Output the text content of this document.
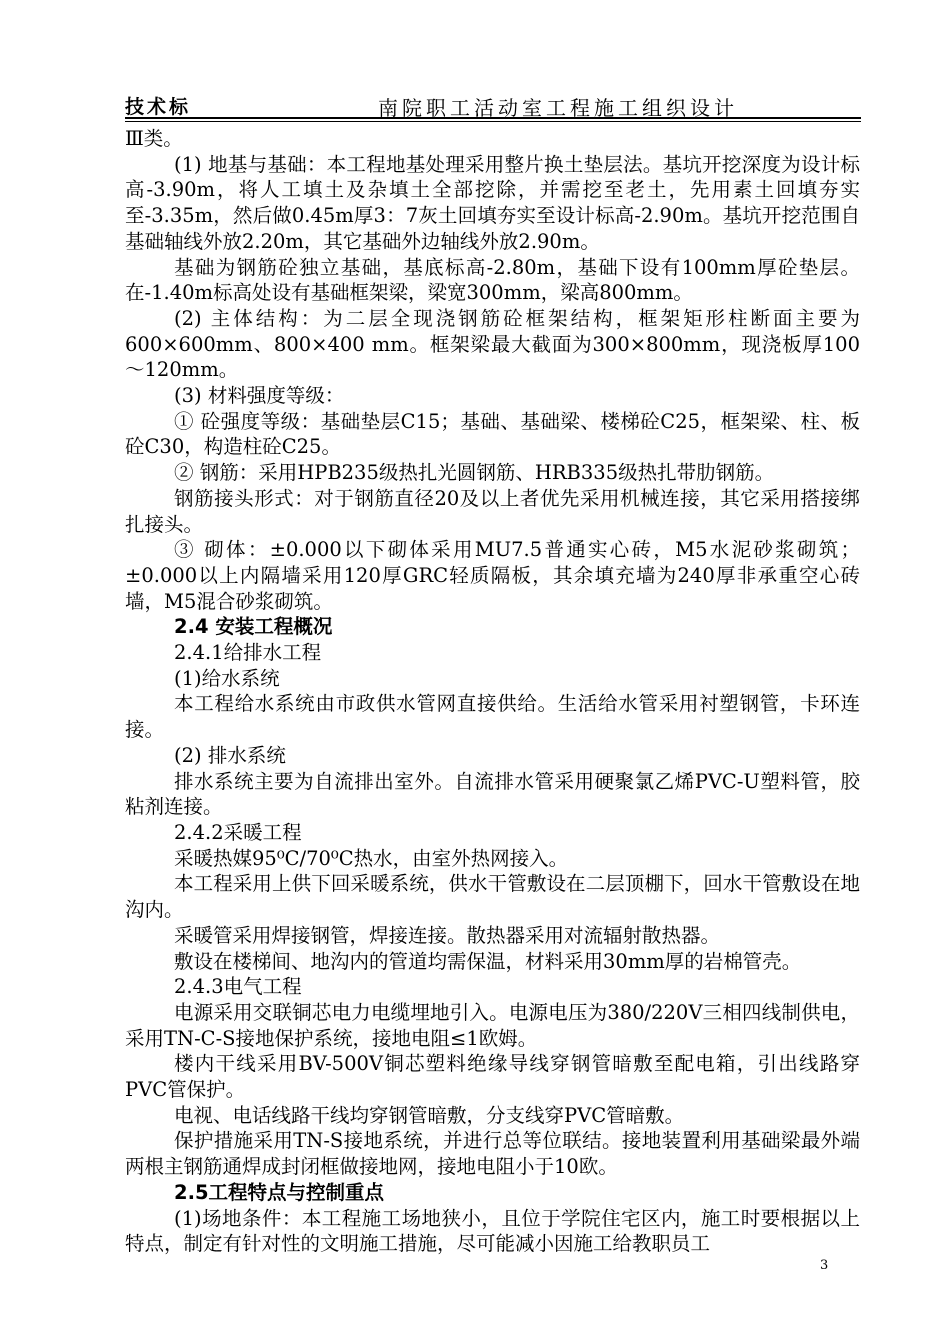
技术标	南院职工活动室工程施工组织设计

Ⅲ类。

(1) 地基与基础：本工程地基处理采用整片换土垫层法。基坑开挖深度为设计标高-3.90m，将人工填土及杂填土全部挖除，并需挖至老土，先用素土回填夯实至-3.35m，然后做0.45m厚3：7灰土回填夯实至设计标高-2.90m。基坑开挖范围自基础轴线外放2.20m，其它基础外边轴线外放2.90m。

基础为钢筋砼独立基础，基底标高-2.80m，基础下设有100mm厚砼垫层。在-1.40m标高处设有基础框架梁，梁宽300mm，梁高800mm。

(2) 主体结构：为二层全现浇钢筋砼框架结构，框架矩形柱断面主要为600×600mm、800×400 mm。框架梁最大截面为300×800mm，现浇板厚100～120mm。

(3) 材料强度等级：

① 砼强度等级：基础垫层C15；基础、基础梁、楼梯砼C25，框架梁、柱、板砼C30，构造柱砼C25。

② 钢筋：采用HPB235级热扎光圆钢筋、HRB335级热扎带肋钢筋。

钢筋接头形式：对于钢筋直径20及以上者优先采用机械连接，其它采用搭接绑扎接头。

③ 砌体：±0.000以下砌体采用MU7.5普通实心砖，M5水泥砂浆砌筑；±0.000以上内隔墙采用120厚GRC轻质隔板，其余填充墙为240厚非承重空心砖墙，M5混合砂浆砌筑。

2.4 安装工程概况

2.4.1给排水工程

(1)给水系统

本工程给水系统由市政供水管网直接供给。生活给水管采用衬塑钢管，卡环连接。

(2) 排水系统

排水系统主要为自流排出室外。自流排水管采用硬聚氯乙烯PVC-U塑料管，胶粘剂连接。

2.4.2采暖工程

采暖热媒95⁰C/70⁰C热水，由室外热网接入。

本工程采用上供下回采暖系统，供水干管敷设在二层顶棚下，回水干管敷设在地沟内。

采暖管采用焊接钢管，焊接连接。散热器采用对流辐射散热器。

敷设在楼梯间、地沟内的管道均需保温，材料采用30mm厚的岩棉管壳。

2.4.3电气工程

电源采用交联铜芯电力电缆埋地引入。电源电压为380/220V三相四线制供电，采用TN-C-S接地保护系统，接地电阻≤1欧姆。

楼内干线采用BV-500V铜芯塑料绝缘导线穿钢管暗敷至配电箱，引出线路穿PVC管保护。

电视、电话线路干线均穿钢管暗敷，分支线穿PVC管暗敷。

保护措施采用TN-S接地系统，并进行总等位联结。接地装置利用基础梁最外端两根主钢筋通焊成封闭框做接地网，接地电阻小于10欧。

2.5工程特点与控制重点

(1)场地条件：本工程施工场地狭小，且位于学院住宅区内，施工时要根据以上特点，制定有针对性的文明施工措施，尽可能减小因施工给教职员工

3
